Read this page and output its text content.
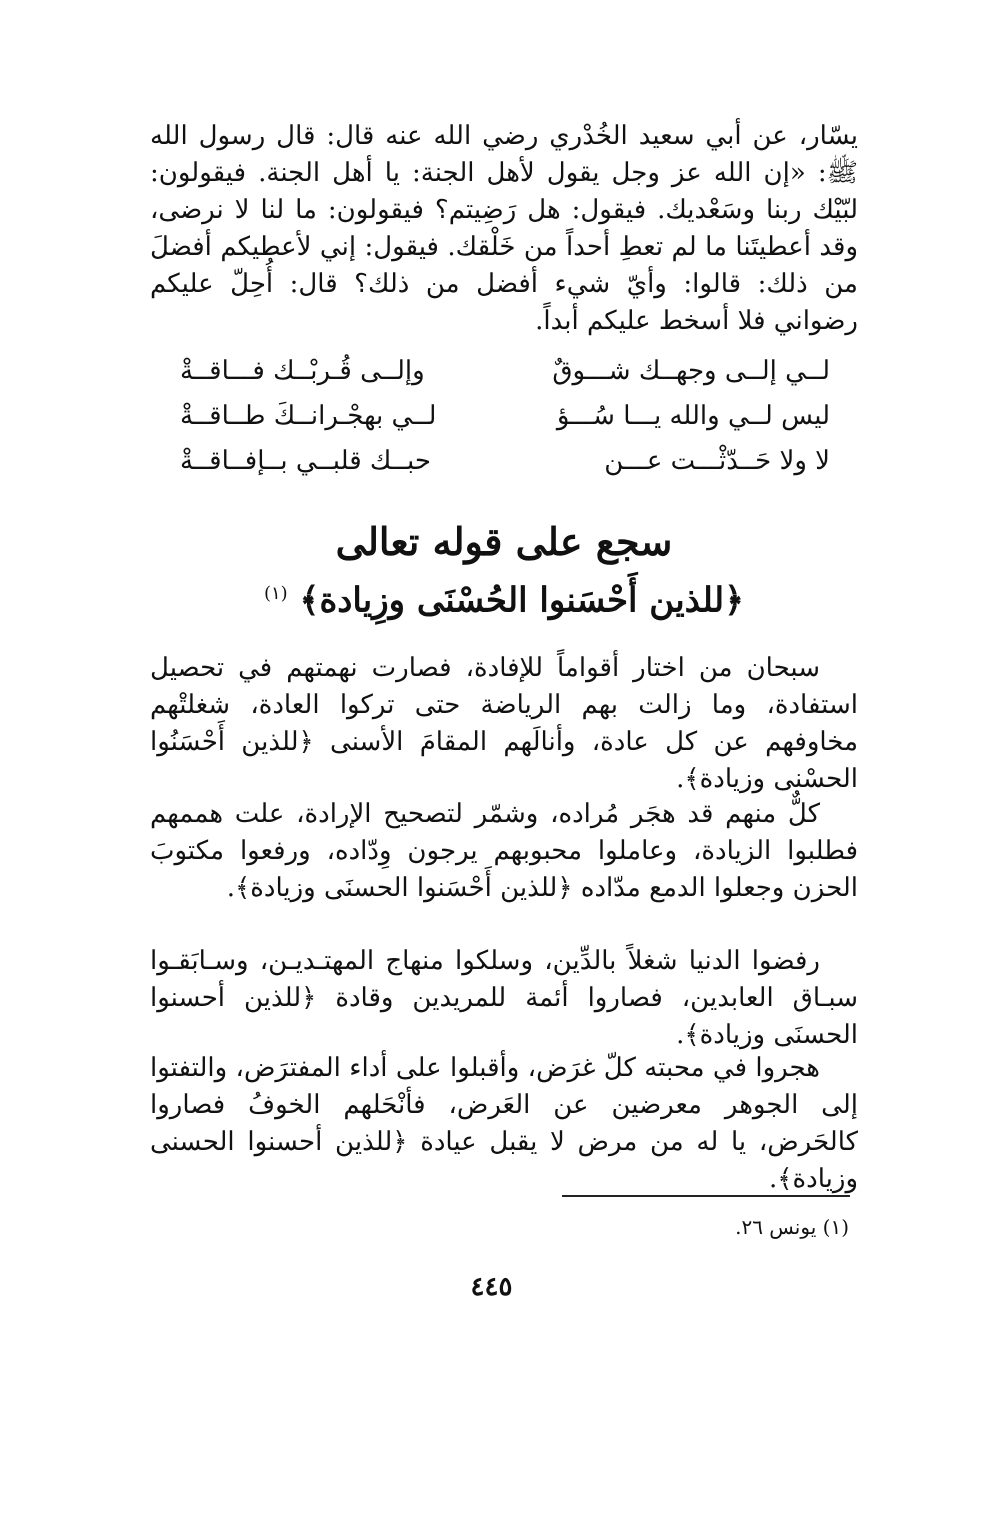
يسّار، عن أبي سعيد الخُدْري رضي الله عنه قال: قال رسول الله ﷺ: «إن الله عز وجل يقول لأهل الجنة: يا أهل الجنة. فيقولون: لبّيْك ربنا وسَعْديك. فيقول: هل رَضِيتم؟ فيقولون: ما لنا لا نرضى، وقد أعطيتَنا ما لم تعطِ أحداً من خَلْقك. فيقول: إني لأعطيكم أفضلَ من ذلك: قالوا: وأيّ شيء أفضل من ذلك؟ قال: أُحِلّ عليكم رضواني فلا أسخط عليكم أبداً.

لــي إلــى وجهــك شـــوقٌ
وإلــى قُـربْــك فـــاقــةْ
ليس لــي والله يـــا سُـــؤ
لــي بهجْـرانــكَ طــاقــةْ
لا ولا حَــدّثْـــت عـــن
حبــك قلبــي بــإفــاقــةْ
سجع على قوله تعالى
﴿للذين أَحْسَنوا الحُسْنَى وزِيادة﴾ $^{(١)}$

سبحان من اختار أقواماً للإفادة، فصارت نهمتهم في تحصيل استفادة، وما زالت بهم الرياضة حتى تركوا العادة، شغلتْهم مخاوفهم عن كل عادة، وأنالَهم المقامَ الأسنى ﴿للذين أَحْسَنُوا الحسْنى وزيادة﴾.

كلٌّ منهم قد هجَر مُراده، وشمّر لتصحيح الإرادة، علت هممهم فطلبوا الزيادة، وعاملوا محبوبهم يرجون وِدّاده، ورفعوا مكتوبَ الحزن وجعلوا الدمع مدّاده ﴿للذين أَحْسَنوا الحسنَى وزيادة﴾.

رفضوا الدنيا شغلاً بالدِّين، وسلكوا منهاج المهتـديـن، وسـابَقـوا سبـاق العابدين، فصاروا أئمة للمريدين وقادة ﴿للذين أحسنوا الحسنَى وزيادة﴾.

هجروا في محبته كلّ غرَض، وأقبلوا على أداء المفترَض، والتفتوا إلى الجوهر معرضين عن العَرض، فأنْحَلهم الخوفُ فصاروا كالحَرض، يا له من مرض لا يقبل عيادة ﴿للذين أحسنوا الحسنى وزيادة﴾.

(١) يونس ٢٦.
٤٤٥
